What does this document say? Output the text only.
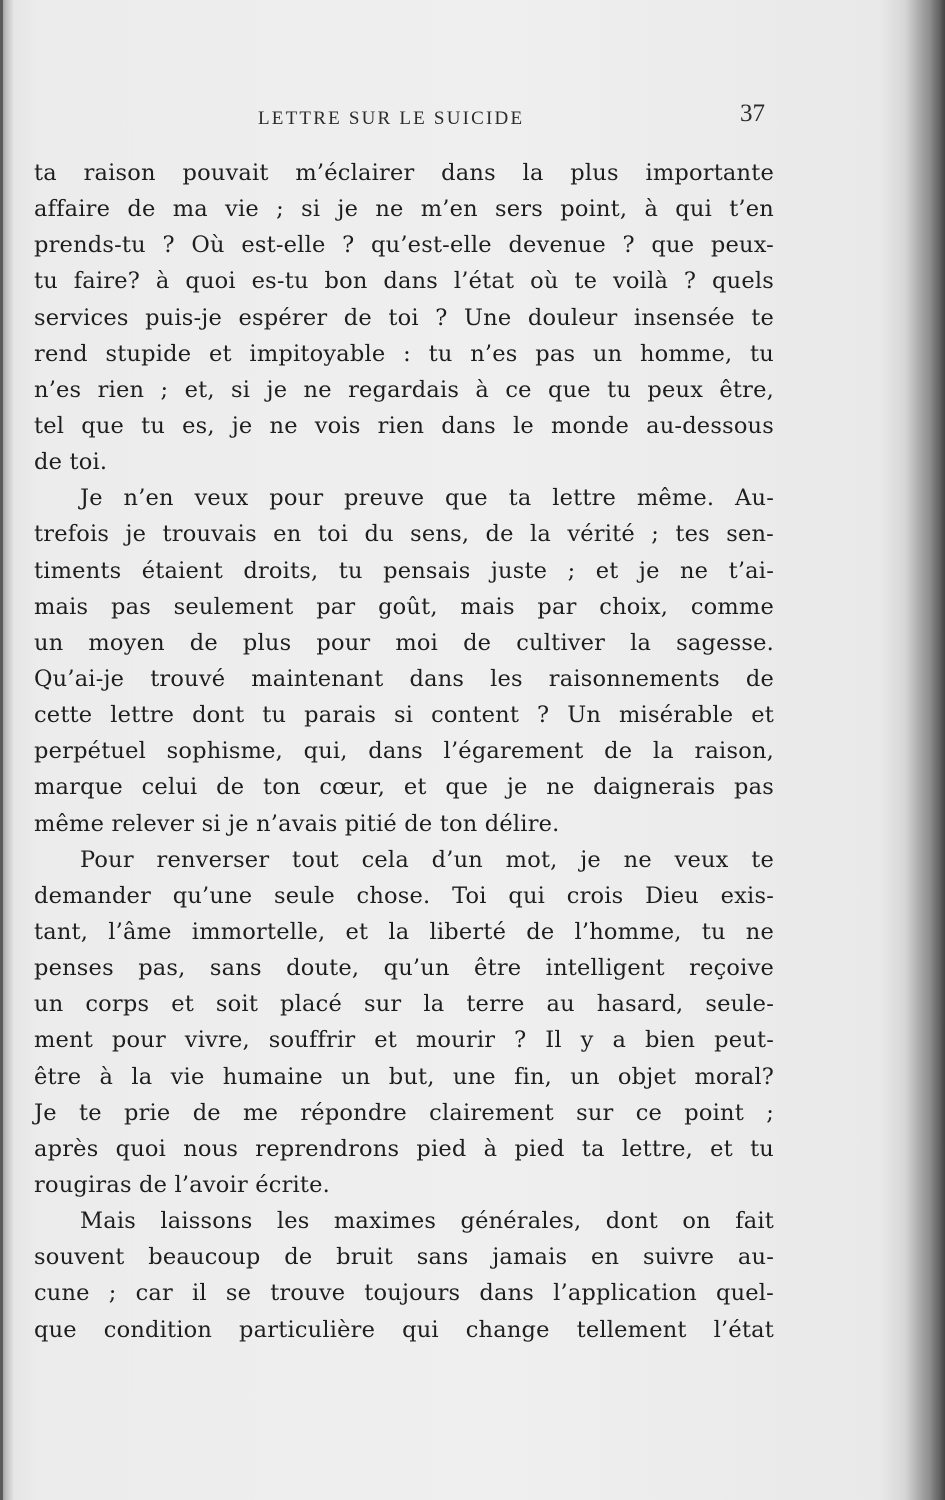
LETTRE SUR LE SUICIDE	37
ta raison pouvait m’éclairer dans la plus importante
affaire de ma vie ; si je ne m’en sers point, à qui t’en
prends-tu ? Où est-elle ? qu’est-elle devenue ? que peux-
tu faire? à quoi es-tu bon dans l’état où te voilà ? quels
services puis-je espérer de toi ? Une douleur insensée te
rend stupide et impitoyable : tu n’es pas un homme, tu
n’es rien ; et, si je ne regardais à ce que tu peux être,
tel que tu es, je ne vois rien dans le monde au-dessous
de toi.
Je n’en veux pour preuve que ta lettre même. Au-
trefois je trouvais en toi du sens, de la vérité ; tes sen-
timents étaient droits, tu pensais juste ; et je ne t’ai-
mais pas seulement par goût, mais par choix, comme
un moyen de plus pour moi de cultiver la sagesse.
Qu’ai-je trouvé maintenant dans les raisonnements de
cette lettre dont tu parais si content ? Un misérable et
perpétuel sophisme, qui, dans l’égarement de la raison,
marque celui de ton cœur, et que je ne daignerais pas
même relever si je n’avais pitié de ton délire.
Pour renverser tout cela d’un mot, je ne veux te
demander qu’une seule chose. Toi qui crois Dieu exis-
tant, l’âme immortelle, et la liberté de l’homme, tu ne
penses pas, sans doute, qu’un être intelligent reçoive
un corps et soit placé sur la terre au hasard, seule-
ment pour vivre, souffrir et mourir ? Il y a bien peut-
être à la vie humaine un but, une fin, un objet moral?
Je te prie de me répondre clairement sur ce point ;
après quoi nous reprendrons pied à pied ta lettre, et tu
rougiras de l’avoir écrite.
Mais laissons les maximes générales, dont on fait
souvent beaucoup de bruit sans jamais en suivre au-
cune ; car il se trouve toujours dans l’application quel-
que condition particulière qui change tellement l’état
